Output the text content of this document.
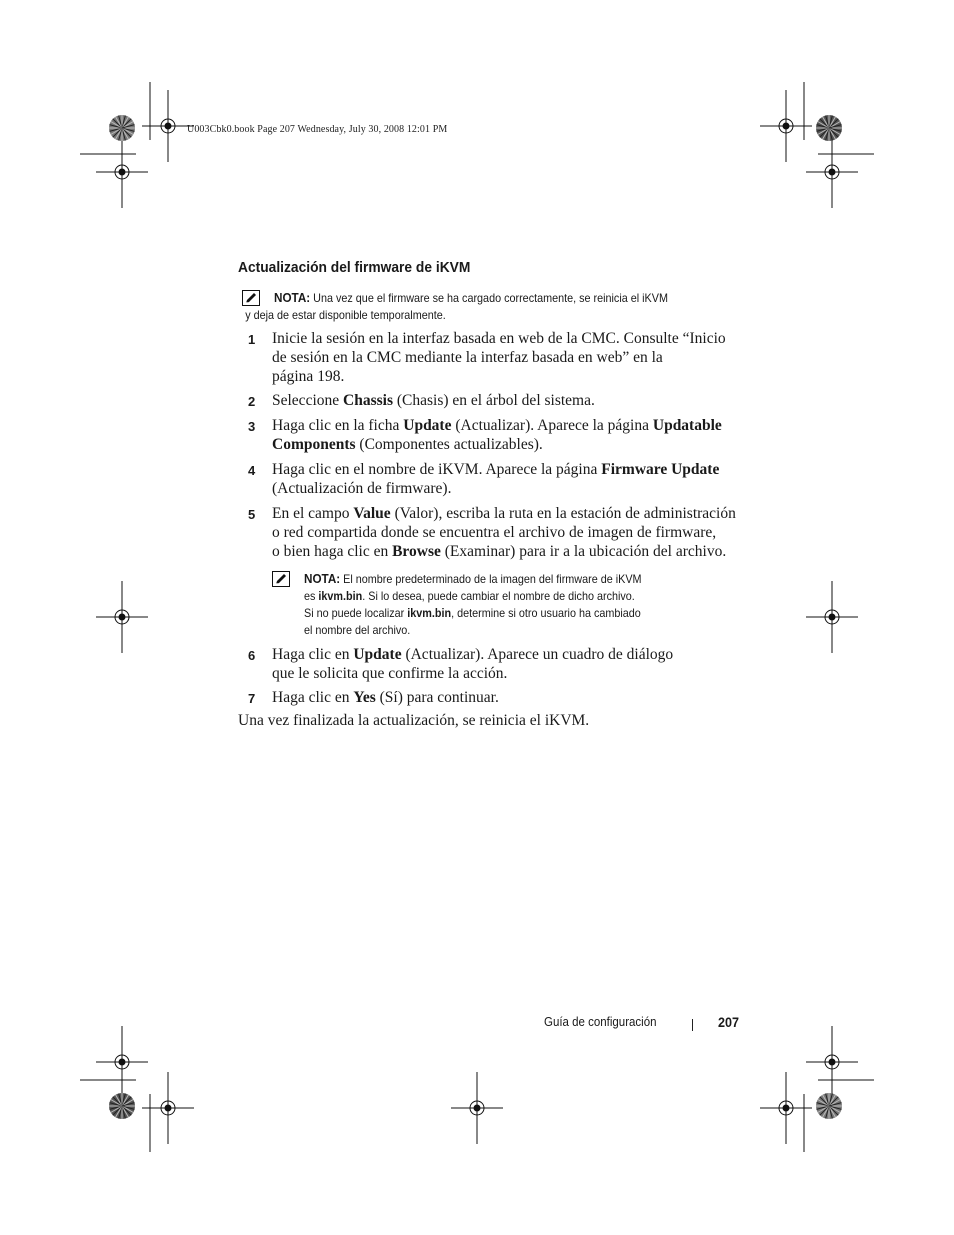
U003Cbk0.book Page 207 Wednesday, July 30, 2008 12:01 PM
Actualización del firmware de iKVM
NOTA: Una vez que el firmware se ha cargado correctamente, se reinicia el iKVM
y deja de estar disponible temporalmente.
1 Inicie la sesión en la interfaz basada en web de la CMC. Consulte “Inicio
de sesión en la CMC mediante la interfaz basada en web” en la
página 198.
2 Seleccione Chassis (Chasis) en el árbol del sistema.
3 Haga clic en la ficha Update (Actualizar). Aparece la página Updatable
Components (Componentes actualizables).
4 Haga clic en el nombre de iKVM. Aparece la página Firmware Update
(Actualización de firmware).
5 En el campo Value (Valor), escriba la ruta en la estación de administración
o red compartida donde se encuentra el archivo de imagen de firmware,
o bien haga clic en Browse (Examinar) para ir a la ubicación del archivo.
6 Haga clic en Update (Actualizar). Aparece un cuadro de diálogo
que le solicita que confirme la acción.
7 Haga clic en Yes (Sí) para continuar.
NOTA: El nombre predeterminado de la imagen del firmware de iKVM
es ikvm.bin. Si lo desea, puede cambiar el nombre de dicho archivo.
Si no puede localizar ikvm.bin, determine si otro usuario ha cambiado
el nombre del archivo.
Una vez finalizada la actualización, se reinicia el iKVM.
Guía de configuración	207
